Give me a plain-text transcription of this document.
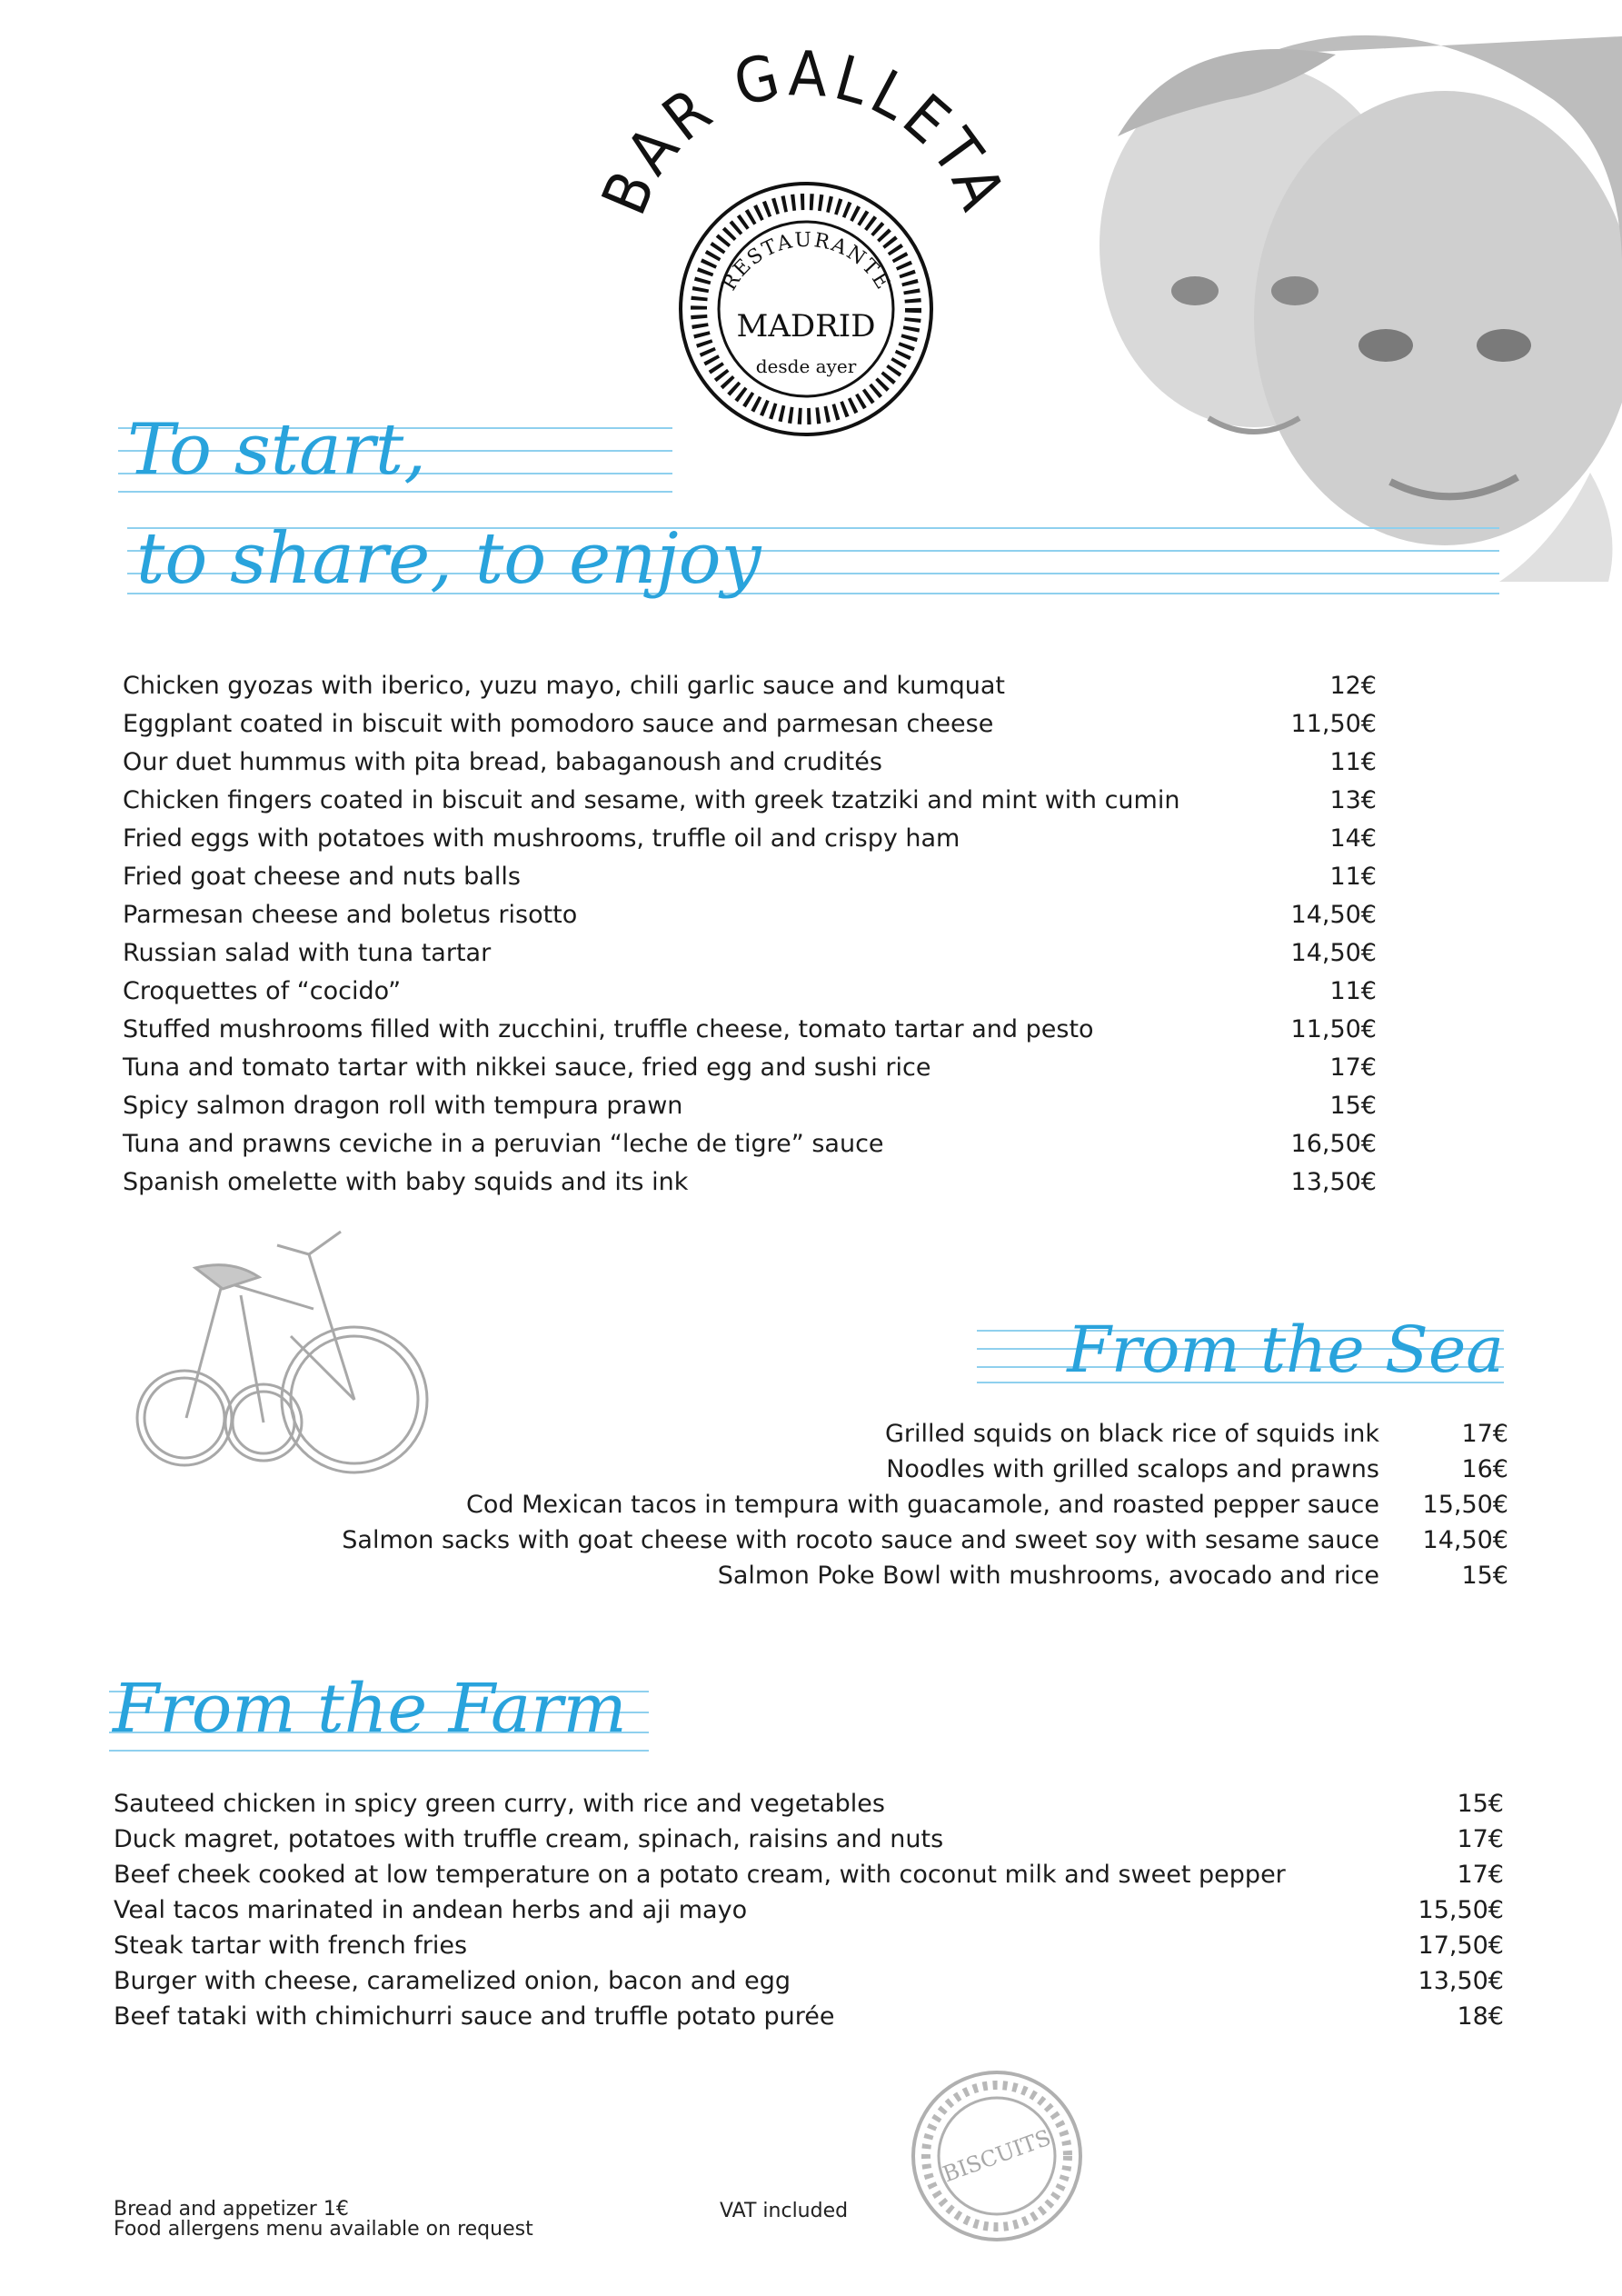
BAR GALLETA
RESTAURANTE
MADRID
desde ayer
To start,
to share, to enjoy
Chicken gyozas with iberico, yuzu mayo, chili garlic sauce and kumquat	12€
Eggplant coated in biscuit with pomodoro sauce and parmesan cheese	11,50€
Our duet hummus with pita bread, babaganoush and crudités	11€
Chicken fingers coated in biscuit and sesame, with greek tzatziki and mint with cumin	13€
Fried eggs with potatoes with mushrooms, truffle oil and crispy ham	14€
Fried goat cheese and nuts balls	11€
Parmesan cheese and boletus risotto	14,50€
Russian salad with tuna tartar	14,50€
Croquettes of “cocido”	11€
Stuffed mushrooms filled with zucchini, truffle cheese, tomato tartar and pesto	11,50€
Tuna and tomato tartar with nikkei sauce, fried egg and sushi rice	17€
Spicy salmon dragon roll with tempura prawn	15€
Tuna and prawns ceviche in a peruvian “leche de tigre” sauce	16,50€
Spanish omelette with baby squids and its ink	13,50€
From the Sea
Grilled squids on black rice of squids ink	17€
Noodles with grilled scalops and prawns	16€
Cod Mexican tacos in tempura with guacamole, and roasted pepper sauce	15,50€
Salmon sacks with goat cheese with rocoto sauce and sweet soy with sesame sauce	14,50€
Salmon Poke Bowl with mushrooms, avocado and rice	15€
From the Farm
Sauteed chicken in spicy green curry, with rice and vegetables	15€
Duck magret, potatoes with truffle cream, spinach, raisins and nuts	17€
Beef cheek cooked at low temperature on a potato cream, with coconut milk and sweet pepper	17€
Veal tacos marinated in andean herbs and aji mayo	15,50€
Steak tartar with french fries	17,50€
Burger with cheese, caramelized onion, bacon and egg	13,50€
Beef tataki with chimichurri sauce and truffle potato purée	18€
BISCUITS
Bread and appetizer 1€
Food allergens menu available on request
VAT included
